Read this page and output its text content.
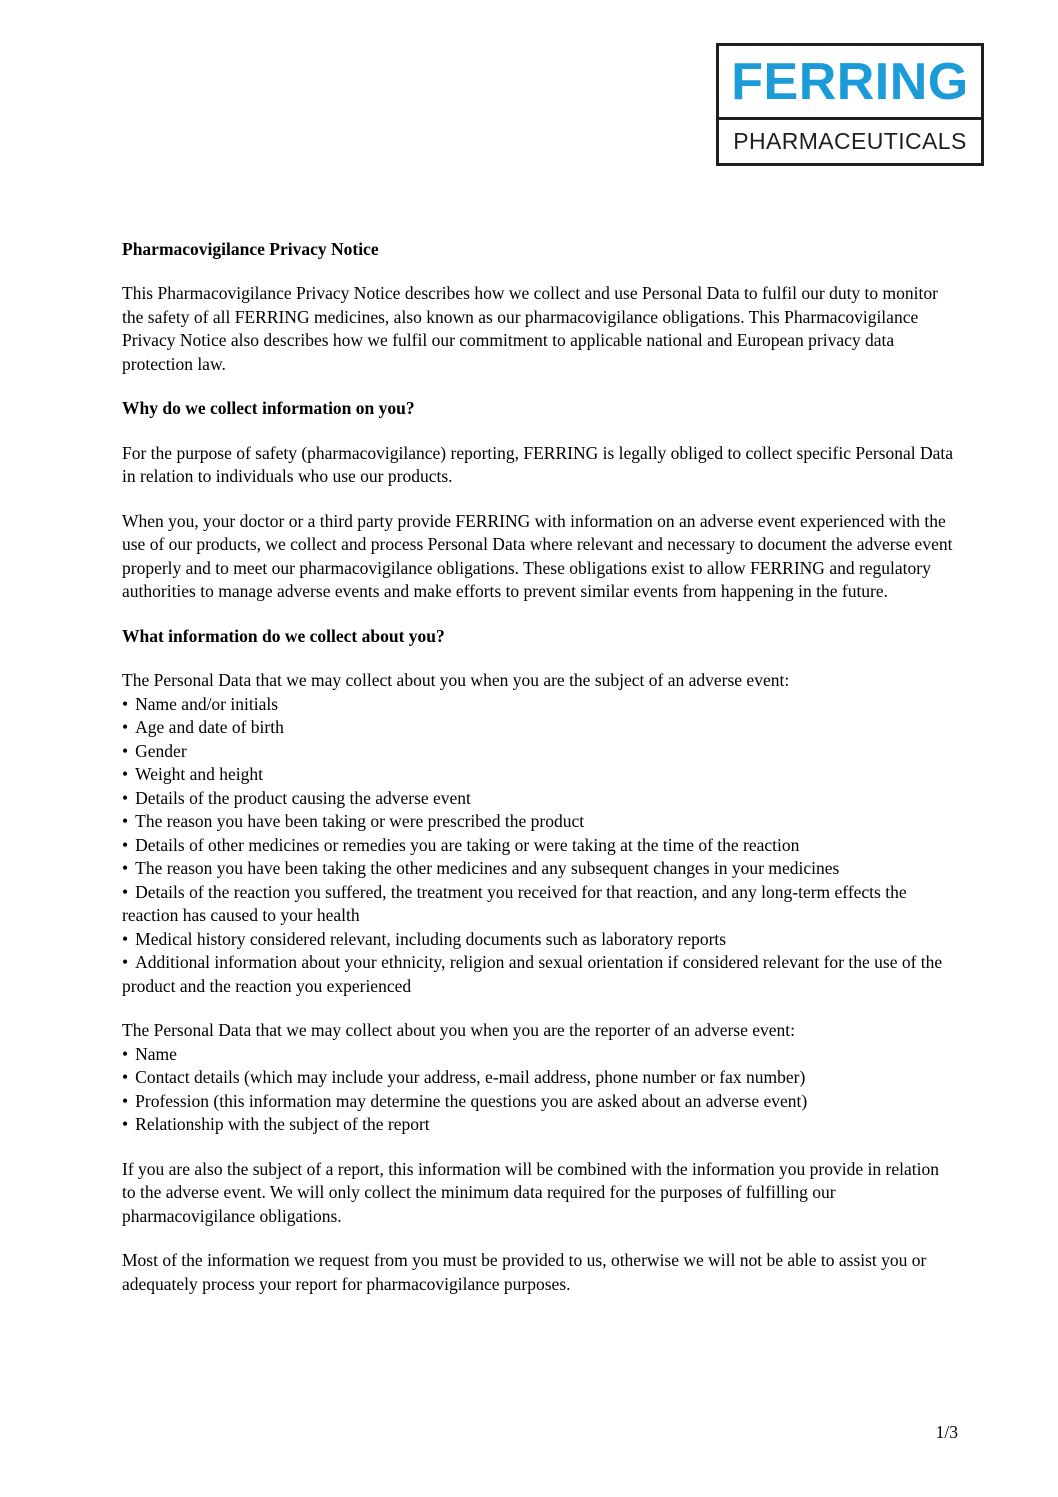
FERRING
PHARMACEUTICALS
Pharmacovigilance Privacy Notice

This Pharmacovigilance Privacy Notice describes how we collect and use Personal Data to fulfil our duty to monitor the safety of all FERRING medicines, also known as our pharmacovigilance obligations. This Pharmacovigilance Privacy Notice also describes how we fulfil our commitment to applicable national and European privacy data protection law.

Why do we collect information on you?

For the purpose of safety (pharmacovigilance) reporting, FERRING is legally obliged to collect specific Personal Data in relation to individuals who use our products.

When you, your doctor or a third party provide FERRING with information on an adverse event experienced with the use of our products, we collect and process Personal Data where relevant and necessary to document the adverse event properly and to meet our pharmacovigilance obligations. These obligations exist to allow FERRING and regulatory authorities to manage adverse events and make efforts to prevent similar events from happening in the future.

What information do we collect about you?

The Personal Data that we may collect about you when you are the subject of an adverse event:

• Name and/or initials
• Age and date of birth
• Gender
• Weight and height
• Details of the product causing the adverse event
• The reason you have been taking or were prescribed the product
• Details of other medicines or remedies you are taking or were taking at the time of the reaction
• The reason you have been taking the other medicines and any subsequent changes in your medicines
• Details of the reaction you suffered, the treatment you received for that reaction, and any long-term effects the reaction has caused to your health
• Medical history considered relevant, including documents such as laboratory reports
• Additional information about your ethnicity, religion and sexual orientation if considered relevant for the use of the product and the reaction you experienced

The Personal Data that we may collect about you when you are the reporter of an adverse event:

• Name
• Contact details (which may include your address, e-mail address, phone number or fax number)
• Profession (this information may determine the questions you are asked about an adverse event)
• Relationship with the subject of the report

If you are also the subject of a report, this information will be combined with the information you provide in relation to the adverse event. We will only collect the minimum data required for the purposes of fulfilling our pharmacovigilance obligations.

Most of the information we request from you must be provided to us, otherwise we will not be able to assist you or adequately process your report for pharmacovigilance purposes.

1/3
